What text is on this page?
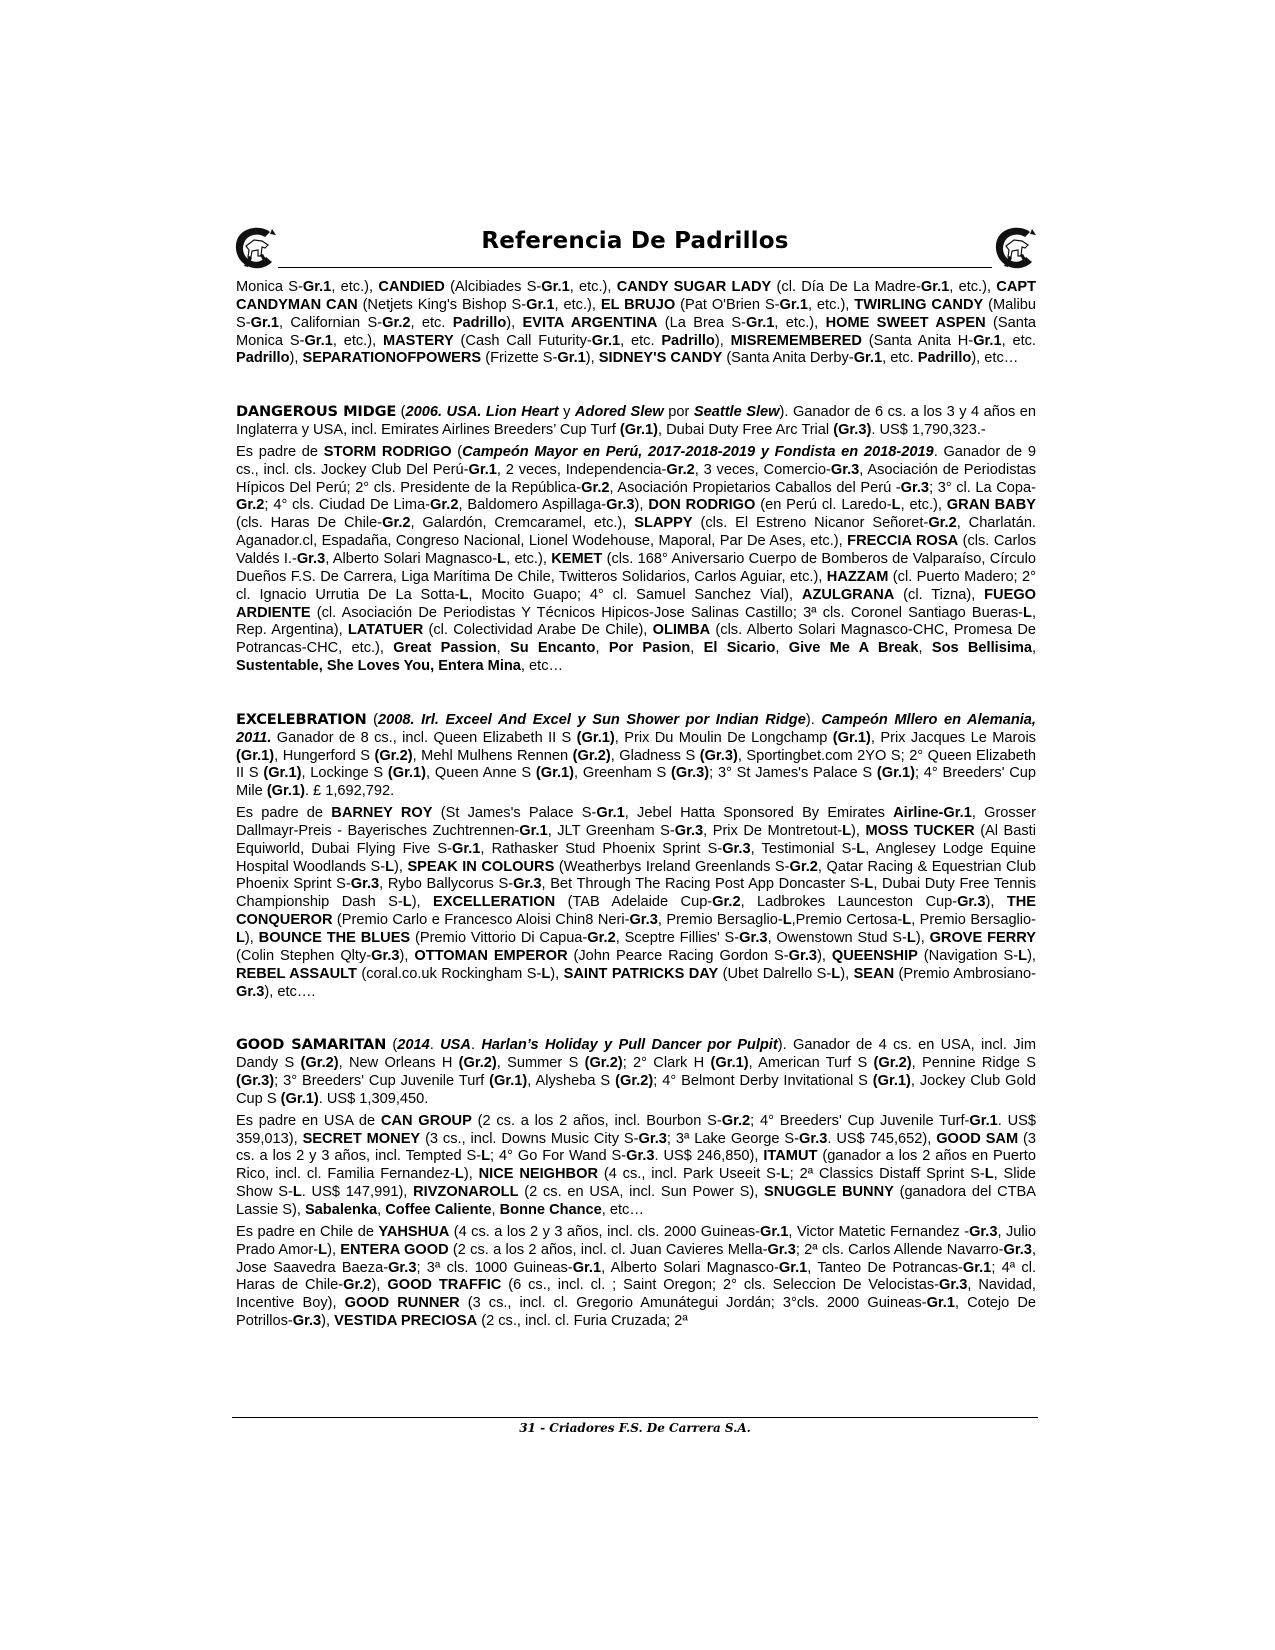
Referencia De Padrillos

Monica S-Gr.1, etc.), CANDIED (Alcibiades S-Gr.1, etc.), CANDY SUGAR LADY (cl. Día De La Madre-Gr.1, etc.), CAPT CANDYMAN CAN (Netjets King's Bishop S-Gr.1, etc.), EL BRUJO (Pat O'Brien S-Gr.1, etc.), TWIRLING CANDY (Malibu S-Gr.1, Californian S-Gr.2, etc. Padrillo), EVITA ARGENTINA (La Brea S-Gr.1, etc.), HOME SWEET ASPEN (Santa Monica S-Gr.1, etc.), MASTERY (Cash Call Futurity-Gr.1, etc. Padrillo), MISREMEMBERED (Santa Anita H-Gr.1, etc. Padrillo), SEPARATIONOFPOWERS (Frizette S-Gr.1), SIDNEY'S CANDY (Santa Anita Derby-Gr.1, etc. Padrillo), etc…

DANGEROUS MIDGE (2006. USA. Lion Heart y Adored Slew por Seattle Slew). Ganador de 6 cs. a los 3 y 4 años en Inglaterra y USA, incl. Emirates Airlines Breeders’ Cup Turf (Gr.1), Dubai Duty Free Arc Trial (Gr.3). US$ 1,790,323.-

Es padre de STORM RODRIGO (Campeón Mayor en Perú, 2017-2018-2019 y Fondista en 2018-2019. Ganador de 9 cs., incl. cls. Jockey Club Del Perú-Gr.1, 2 veces, Independencia-Gr.2, 3 veces, Comercio-Gr.3, Asociación de Periodistas Hípicos Del Perú; 2° cls. Presidente de la República-Gr.2, Asociación Propietarios Caballos del Perú -Gr.3; 3° cl. La Copa-Gr.2; 4° cls. Ciudad De Lima-Gr.2, Baldomero Aspillaga-Gr.3), DON RODRIGO (en Perú cl. Laredo-L, etc.), GRAN BABY (cls. Haras De Chile-Gr.2, Galardón, Cremcaramel, etc.), SLAPPY (cls. El Estreno Nicanor Señoret-Gr.2, Charlatán. Aganador.cl, Espadaña, Congreso Nacional, Lionel Wodehouse, Maporal, Par De Ases, etc.), FRECCIA ROSA (cls. Carlos Valdés I.-Gr.3, Alberto Solari Magnasco-L, etc.), KEMET (cls. 168° Aniversario Cuerpo de Bomberos de Valparaíso, Círculo Dueños F.S. De Carrera, Liga Marítima De Chile, Twitteros Solidarios, Carlos Aguiar, etc.), HAZZAM (cl. Puerto Madero; 2° cl. Ignacio Urrutia De La Sotta-L, Mocito Guapo; 4° cl. Samuel Sanchez Vial), AZULGRANA (cl. Tizna), FUEGO ARDIENTE (cl. Asociación De Periodistas Y Técnicos Hipicos-Jose Salinas Castillo; 3ª cls. Coronel Santiago Bueras-L, Rep. Argentina), LATATUER (cl. Colectividad Arabe De Chile), OLIMBA (cls. Alberto Solari Magnasco-CHC, Promesa De Potrancas-CHC, etc.), Great Passion, Su Encanto, Por Pasion, El Sicario, Give Me A Break, Sos Bellisima, Sustentable, She Loves You, Entera Mina, etc…

EXCELEBRATION (2008. Irl. Exceel And Excel y Sun Shower por Indian Ridge). Campeón Mllero en Alemania, 2011. Ganador de 8 cs., incl. Queen Elizabeth II S (Gr.1), Prix Du Moulin De Longchamp (Gr.1), Prix Jacques Le Marois (Gr.1), Hungerford S (Gr.2), Mehl Mulhens Rennen (Gr.2), Gladness S (Gr.3), Sportingbet.com 2YO S; 2° Queen Elizabeth II S (Gr.1), Lockinge S (Gr.1), Queen Anne S (Gr.1), Greenham S (Gr.3); 3° St James's Palace S (Gr.1); 4° Breeders' Cup Mile (Gr.1). £ 1,692,792.

Es padre de BARNEY ROY (St James's Palace S-Gr.1, Jebel Hatta Sponsored By Emirates Airline-Gr.1, Grosser Dallmayr-Preis - Bayerisches Zuchtrennen-Gr.1, JLT Greenham S-Gr.3, Prix De Montretout-L), MOSS TUCKER (Al Basti Equiworld, Dubai Flying Five S-Gr.1, Rathasker Stud Phoenix Sprint S-Gr.3, Testimonial S-L, Anglesey Lodge Equine Hospital Woodlands S-L), SPEAK IN COLOURS (Weatherbys Ireland Greenlands S-Gr.2, Qatar Racing & Equestrian Club Phoenix Sprint S-Gr.3, Rybo Ballycorus S-Gr.3, Bet Through The Racing Post App Doncaster S-L, Dubai Duty Free Tennis Championship Dash S-L), EXCELLERATION (TAB Adelaide Cup-Gr.2, Ladbrokes Launceston Cup-Gr.3), THE CONQUEROR (Premio Carlo e Francesco Aloisi Chin8 Neri-Gr.3, Premio Bersaglio-L,Premio Certosa-L, Premio Bersaglio-L), BOUNCE THE BLUES (Premio Vittorio Di Capua-Gr.2, Sceptre Fillies' S-Gr.3, Owenstown Stud S-L), GROVE FERRY (Colin Stephen Qlty-Gr.3), OTTOMAN EMPEROR (John Pearce Racing Gordon S-Gr.3), QUEENSHIP (Navigation S-L), REBEL ASSAULT (coral.co.uk Rockingham S-L), SAINT PATRICKS DAY (Ubet Dalrello S-L), SEAN (Premio Ambrosiano-Gr.3), etc….

GOOD SAMARITAN (2014. USA. Harlan’s Holiday y Pull Dancer por Pulpit). Ganador de 4 cs. en USA, incl. Jim Dandy S (Gr.2), New Orleans H (Gr.2), Summer S (Gr.2); 2° Clark H (Gr.1), American Turf S (Gr.2), Pennine Ridge S (Gr.3); 3° Breeders' Cup Juvenile Turf (Gr.1), Alysheba S (Gr.2); 4° Belmont Derby Invitational S (Gr.1), Jockey Club Gold Cup S (Gr.1). US$ 1,309,450.

Es padre en USA de CAN GROUP (2 cs. a los 2 años, incl. Bourbon S-Gr.2; 4° Breeders' Cup Juvenile Turf-Gr.1. US$ 359,013), SECRET MONEY (3 cs., incl. Downs Music City S-Gr.3; 3ª Lake George S-Gr.3. US$ 745,652), GOOD SAM (3 cs. a los 2 y 3 años, incl. Tempted S-L; 4° Go For Wand S-Gr.3. US$ 246,850), ITAMUT (ganador a los 2 años en Puerto Rico, incl. cl. Familia Fernandez-L), NICE NEIGHBOR (4 cs., incl. Park Useeit S-L; 2ª Classics Distaff Sprint S-L, Slide Show S-L. US$ 147,991), RIVZONAROLL (2 cs. en USA, incl. Sun Power S), SNUGGLE BUNNY (ganadora del CTBA Lassie S), Sabalenka, Coffee Caliente, Bonne Chance, etc…

Es padre en Chile de YAHSHUA (4 cs. a los 2 y 3 años, incl. cls. 2000 Guineas-Gr.1, Victor Matetic Fernandez -Gr.3, Julio Prado Amor-L), ENTERA GOOD (2 cs. a los 2 años, incl. cl. Juan Cavieres Mella-Gr.3; 2ª cls. Carlos Allende Navarro-Gr.3, Jose Saavedra Baeza-Gr.3; 3ª cls. 1000 Guineas-Gr.1, Alberto Solari Magnasco-Gr.1, Tanteo De Potrancas-Gr.1; 4ª cl. Haras de Chile-Gr.2), GOOD TRAFFIC (6 cs., incl. cl. ; Saint Oregon; 2° cls. Seleccion De Velocistas-Gr.3, Navidad, Incentive Boy), GOOD RUNNER (3 cs., incl. cl. Gregorio Amunátegui Jordán; 3°cls. 2000 Guineas-Gr.1, Cotejo De Potrillos-Gr.3), VESTIDA PRECIOSA (2 cs., incl. cl. Furia Cruzada; 2ª

31 - Criadores F.S. De Carrera S.A.
